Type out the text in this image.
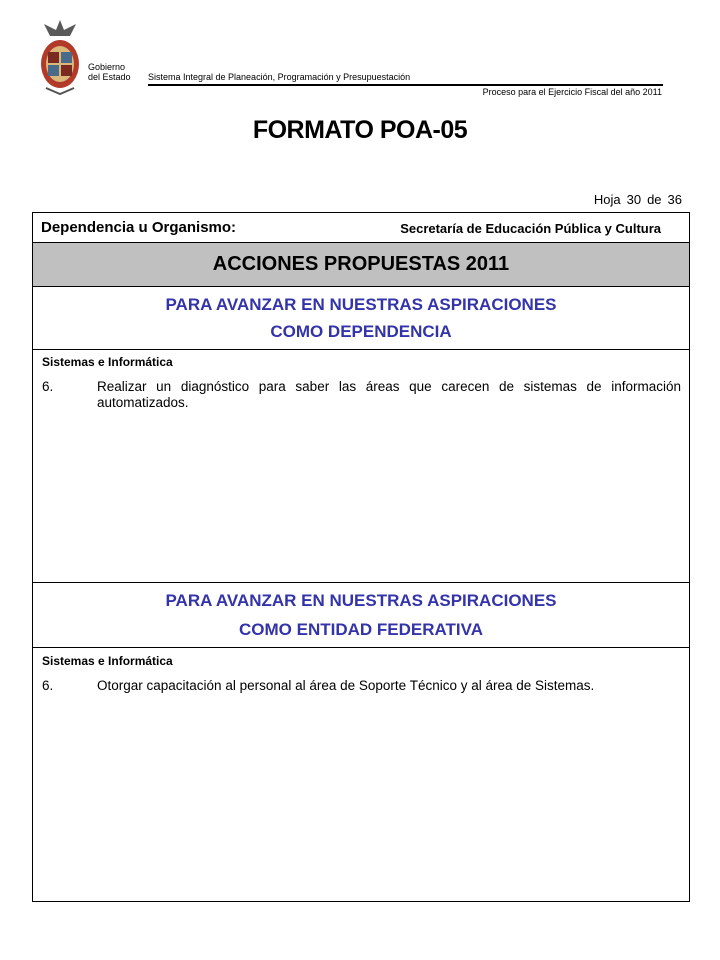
Gobierno
del Estado Sistema Integral de Planeación, Programación y Presupuestación
Proceso para el Ejercicio Fiscal del año 2011
FORMATO POA-05
Hoja 30 de 36
Dependencia u Organismo:	Secretaría de Educación Pública y Cultura
ACCIONES PROPUESTAS 2011
PARA AVANZAR EN NUESTRAS ASPIRACIONES
COMO DEPENDENCIA
Sistemas e Informática
6.	Realizar un diagnóstico para saber las áreas que carecen de sistemas de información automatizados.
PARA AVANZAR EN NUESTRAS ASPIRACIONES
COMO ENTIDAD FEDERATIVA
Sistemas e Informática
6.	Otorgar capacitación al personal al área de Soporte Técnico y al área de Sistemas.
